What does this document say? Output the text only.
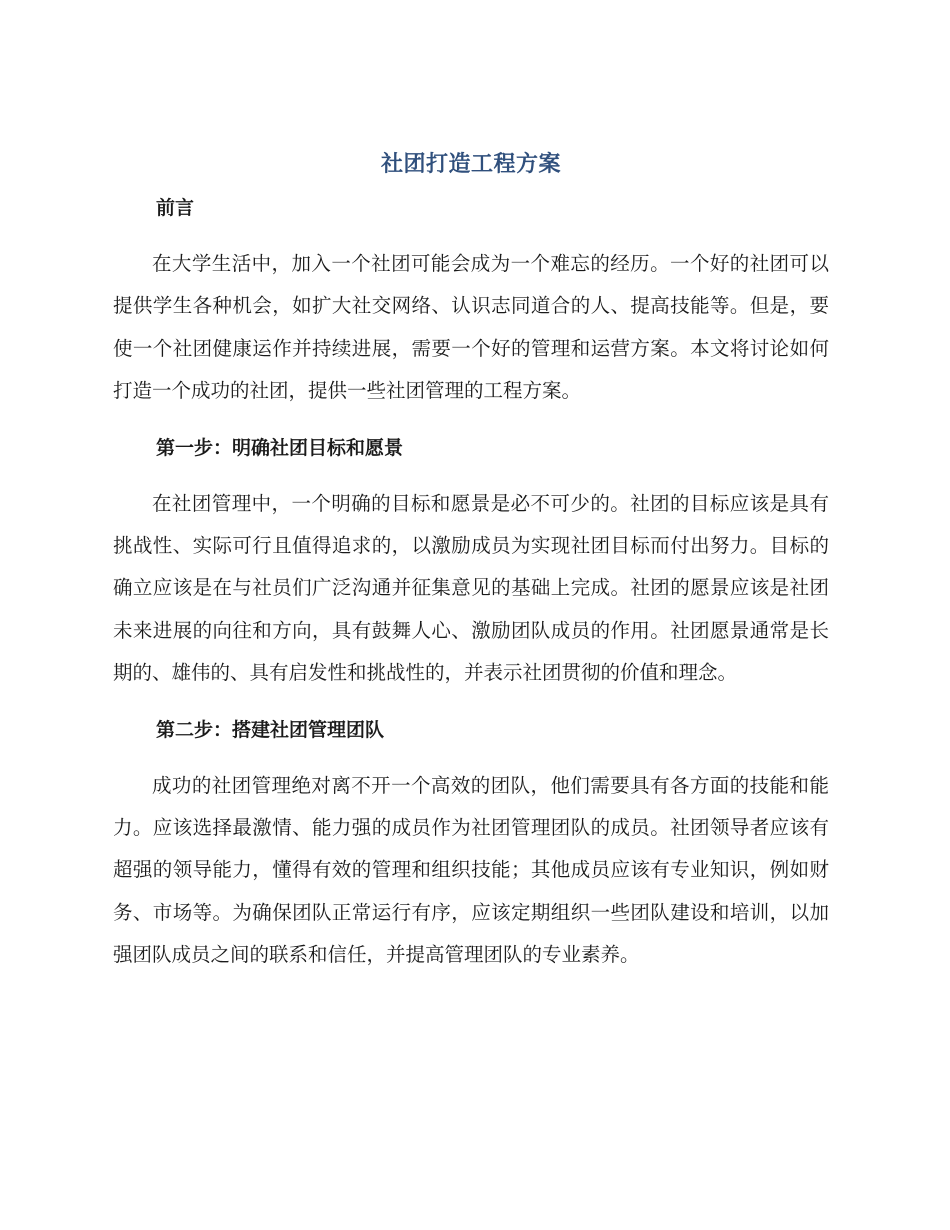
社团打造工程方案
前言

在大学生活中，加入一个社团可能会成为一个难忘的经历。一个好的社团可以提供学生各种机会，如扩大社交网络、认识志同道合的人、提高技能等。但是，要使一个社团健康运作并持续进展，需要一个好的管理和运营方案。本文将讨论如何打造一个成功的社团，提供一些社团管理的工程方案。

第一步：明确社团目标和愿景

在社团管理中，一个明确的目标和愿景是必不可少的。社团的目标应该是具有挑战性、实际可行且值得追求的，以激励成员为实现社团目标而付出努力。目标的确立应该是在与社员们广泛沟通并征集意见的基础上完成。社团的愿景应该是社团未来进展的向往和方向，具有鼓舞人心、激励团队成员的作用。社团愿景通常是长期的、雄伟的、具有启发性和挑战性的，并表示社团贯彻的价值和理念。

第二步：搭建社团管理团队

成功的社团管理绝对离不开一个高效的团队，他们需要具有各方面的技能和能力。应该选择最激情、能力强的成员作为社团管理团队的成员。社团领导者应该有超强的领导能力，懂得有效的管理和组织技能；其他成员应该有专业知识，例如财务、市场等。为确保团队正常运行有序，应该定期组织一些团队建设和培训，以加强团队成员之间的联系和信任，并提高管理团队的专业素养。
